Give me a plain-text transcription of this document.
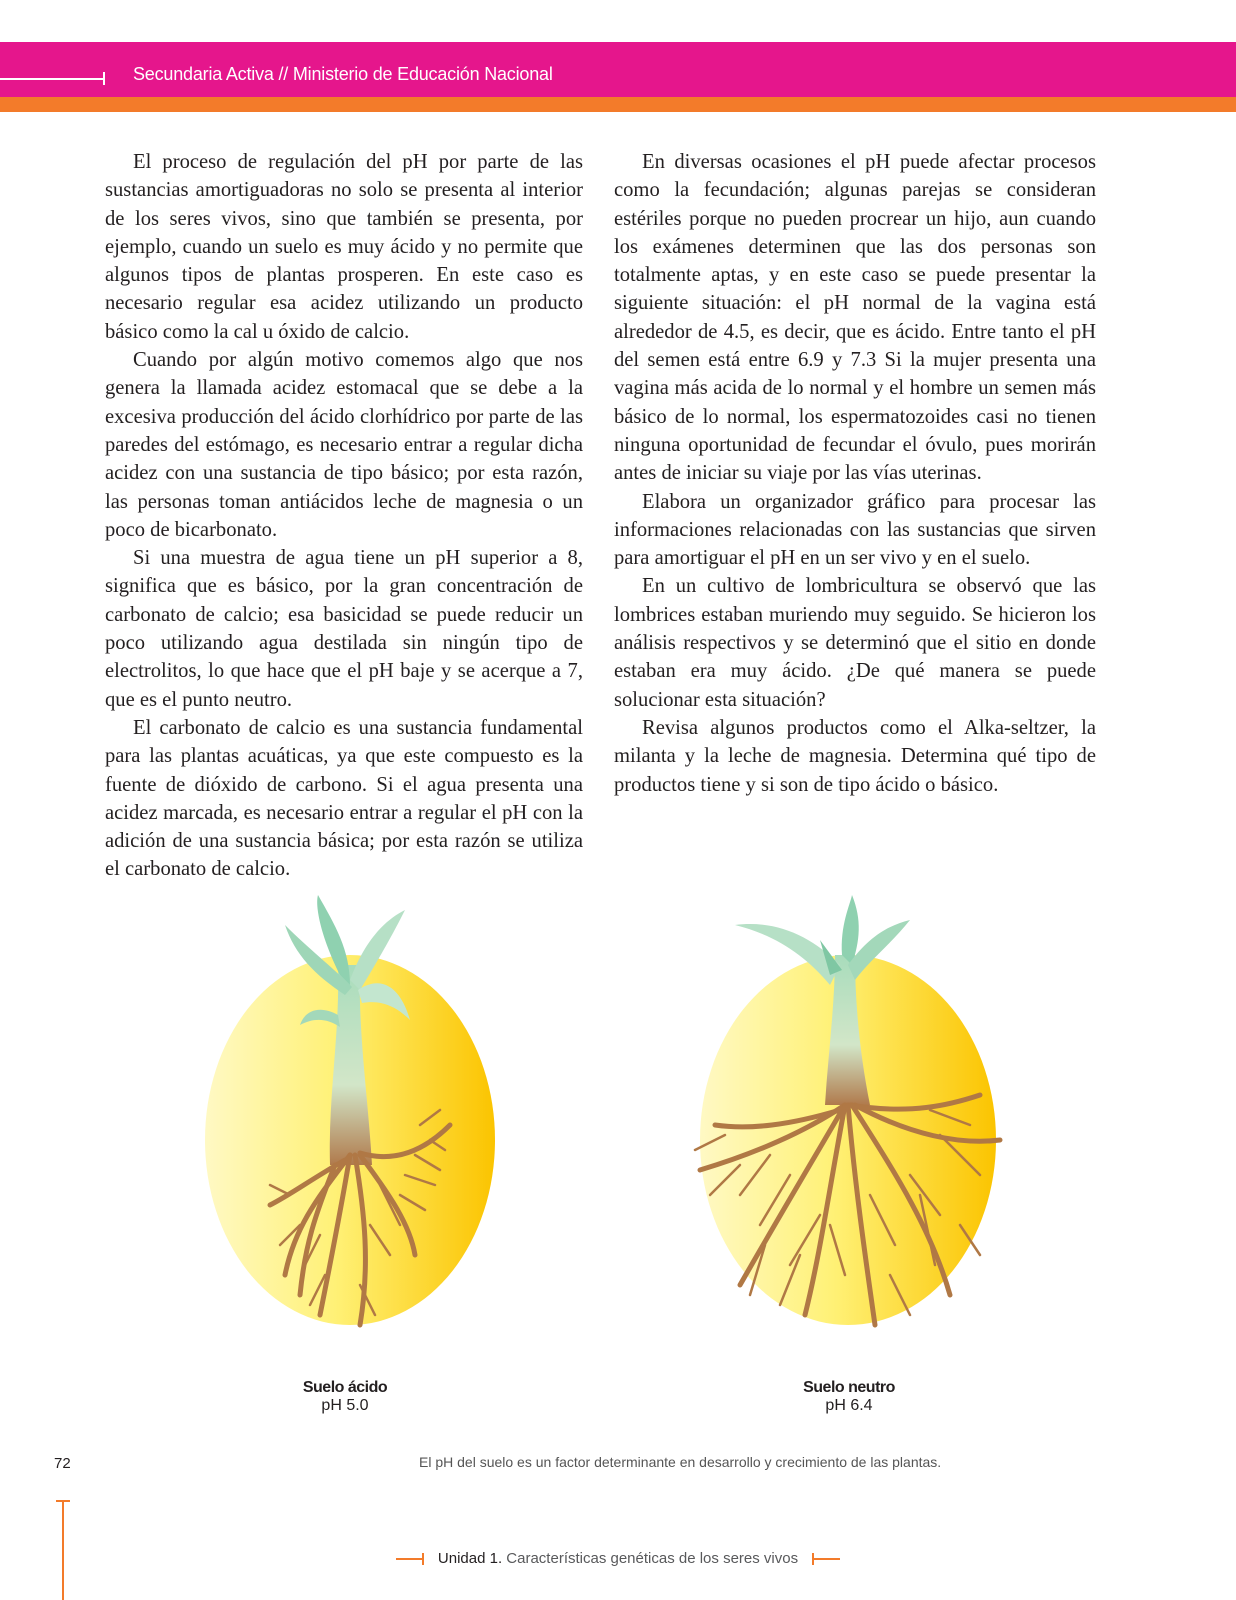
Secundaria Activa // Ministerio de Educación Nacional

El proceso de regulación del pH por parte de las sustancias amortiguadoras no solo se presenta al interior de los seres vivos, sino que también se presenta, por ejemplo, cuando un suelo es muy ácido y no permite que algunos tipos de plantas prosperen. En este caso es necesario regular esa acidez utilizando un producto básico como la cal u óxido de calcio.

Cuando por algún motivo comemos algo que nos genera la llamada acidez estomacal que se debe a la excesiva producción del ácido clorhídrico por parte de las paredes del estómago, es necesario entrar a regular dicha acidez con una sustancia de tipo básico; por esta razón, las personas toman antiácidos leche de magnesia o un poco de bicarbonato.

Si una muestra de agua tiene un pH superior a 8, significa que es básico, por la gran concentración de carbonato de calcio; esa basicidad se puede reducir un poco utilizando agua destilada sin ningún tipo de electrolitos, lo que hace que el pH baje y se acerque a 7, que es el punto neutro.

El carbonato de calcio es una sustancia fundamental para las plantas acuáticas, ya que este compuesto es la fuente de dióxido de carbono. Si el agua presenta una acidez marcada, es necesario entrar a regular el pH con la adición de una sustancia básica; por esta razón se utiliza el carbonato de calcio.

En diversas ocasiones el pH puede afectar procesos como la fecundación; algunas parejas se consideran estériles porque no pueden procrear un hijo, aun cuando los exámenes determinen que las dos personas son totalmente aptas, y en este caso se puede presentar la siguiente situación: el pH normal de la vagina está alrededor de 4.5, es decir, que es ácido. Entre tanto el pH del semen está entre 6.9 y 7.3 Si la mujer presenta una vagina más acida de lo normal y el hombre un semen más básico de lo normal, los espermatozoides casi no tienen ninguna oportunidad de fecundar el óvulo, pues morirán antes de iniciar su viaje por las vías uterinas.

Elabora un organizador gráfico para procesar las informaciones relacionadas con las sustancias que sirven para amortiguar el pH en un ser vivo y en el suelo.

En un cultivo de lombricultura se observó que las lombrices estaban muriendo muy seguido. Se hicieron los análisis respectivos y se determinó que el sitio en donde estaban era muy ácido. ¿De qué manera se puede solucionar esta situación?

Revisa algunos productos como el Alka-seltzer, la milanta y la leche de magnesia. Determina qué tipo de productos tiene y si son de tipo ácido o básico.

Suelo ácido
pH 5.0
Suelo neutro
pH 6.4
72	El pH del suelo es un factor determinante en desarrollo y crecimiento de las plantas.
Unidad 1. Características genéticas de los seres vivos
